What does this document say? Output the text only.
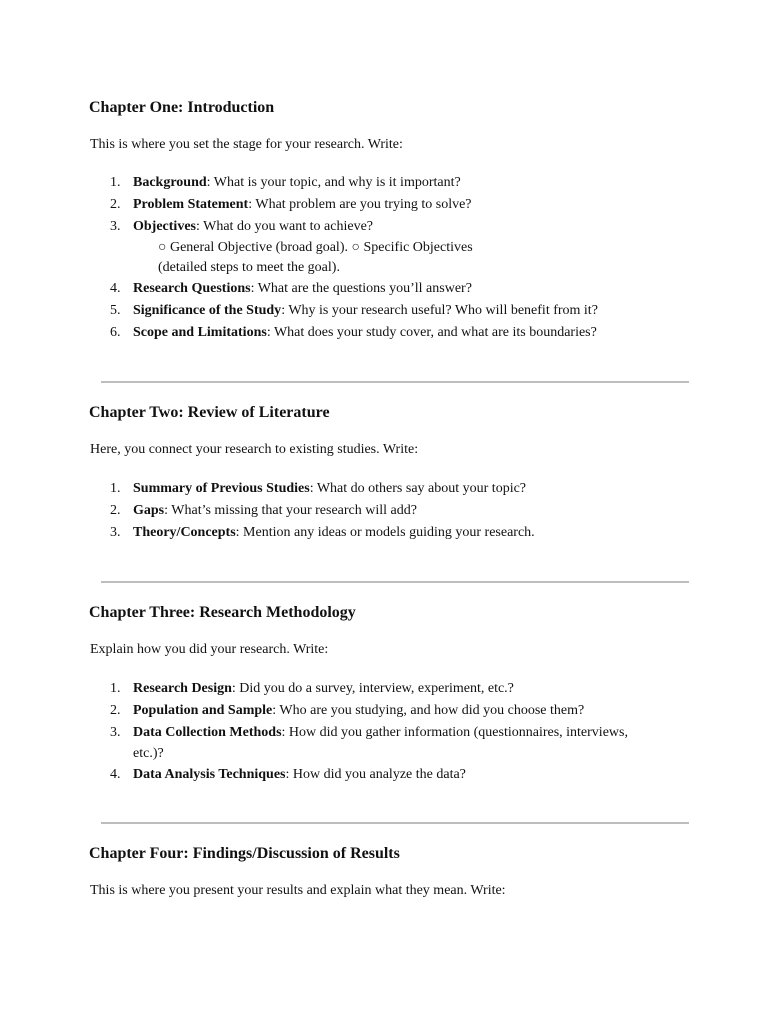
Chapter One: Introduction

This is where you set the stage for your research. Write:

1. Background: What is your topic, and why is it important?
2. Problem Statement: What problem are you trying to solve?
3. Objectives: What do you want to achieve?
○ General Objective (broad goal). ○ Specific Objectives
(detailed steps to meet the goal).
4. Research Questions: What are the questions you’ll answer?
5. Significance of the Study: Why is your research useful? Who will benefit from it?
6. Scope and Limitations: What does your study cover, and what are its boundaries?
Chapter Two: Review of Literature

Here, you connect your research to existing studies. Write:

1. Summary of Previous Studies: What do others say about your topic?
2. Gaps: What’s missing that your research will add?
3. Theory/Concepts: Mention any ideas or models guiding your research.
Chapter Three: Research Methodology

Explain how you did your research. Write:

1. Research Design: Did you do a survey, interview, experiment, etc.?
2. Population and Sample: Who are you studying, and how did you choose them?
3. Data Collection Methods: How did you gather information (questionnaires, interviews,
etc.)?
4. Data Analysis Techniques: How did you analyze the data?
Chapter Four: Findings/Discussion of Results

This is where you present your results and explain what they mean. Write:
